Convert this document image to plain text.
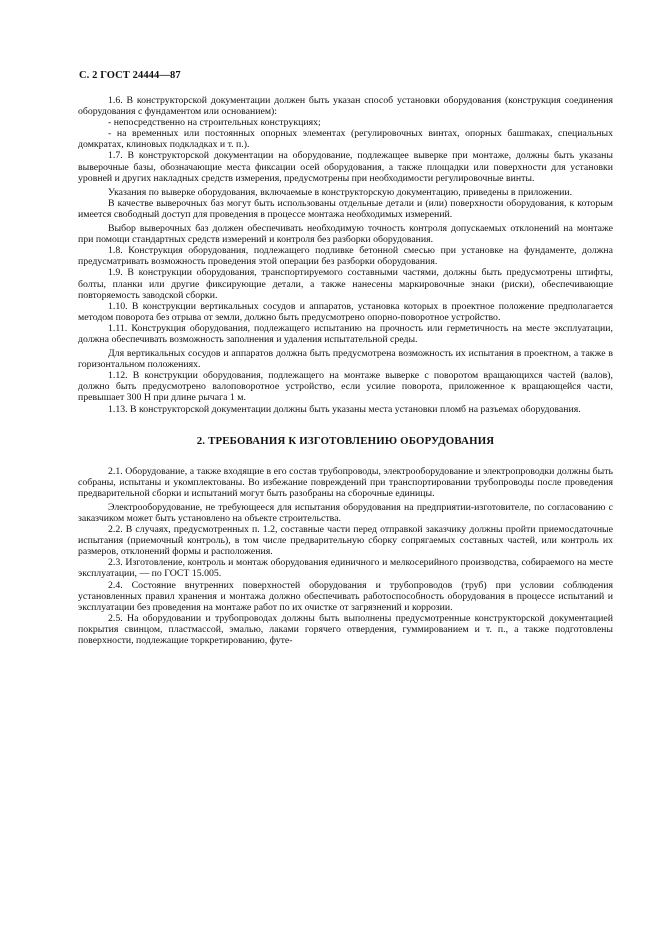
С. 2 ГОСТ 24444—87

1.6. В конструкторской документации должен быть указан способ установки оборудования (конструкция соединения оборудования с фундаментом или основанием):

- непосредственно на строительных конструкциях;

- на временных или постоянных опорных элементах (регулировочных винтах, опорных башmаках, специальных домкратах, клиновых подкладках и т. п.).

1.7. В конструкторской документации на оборудование, подлежащее выверке при монтаже, должны быть указаны выверочные базы, обозначающие места фиксации осей оборудования, а также площадки или поверхности для установки уровней и других накладных средств измерения, предусмотрены при необходимости регулировочные винты.

Указания по выверке оборудования, включаемые в конструкторскую документацию, приведены в приложении.

В качестве выверочных баз могут быть использованы отдельные детали и (или) поверхности оборудования, к которым имеется свободный доступ для проведения в процессе монтажа необходимых измерений.

Выбор выверочных баз должен обеспечивать необходимую точность контроля допускаемых отклонений на монтаже при помощи стандартных средств измерений и контроля без разборки оборудования.

1.8. Конструкция оборудования, подлежащего подливке бетонной смесью при установке на фундаменте, должна предусматривать возможность проведения этой операции без разборки оборудования.

1.9. В конструкции оборудования, транспортируемого составными частями, должны быть предусмотрены штифты, болты, планки или другие фиксирующие детали, а также нанесены маркировочные знаки (риски), обеспечивающие повторяемость заводской сборки.

1.10. В конструкции вертикальных сосудов и аппаратов, установка которых в проектное положение предполагается методом поворота без отрыва от земли, должно быть предусмотрено опорно-поворотное устройство.

1.11. Конструкция оборудования, подлежащего испытанию на прочность или герметичность на месте эксплуатации, должна обеспечивать возможность заполнения и удаления испытательной среды.

Для вертикальных сосудов и аппаратов должна быть предусмотрена возможность их испытания в проектном, а также в горизонтальном положениях.

1.12. В конструкции оборудования, подлежащего на монтаже выверке с поворотом вращающихся частей (валов), должно быть предусмотрено валоповоротное устройство, если усилие поворота, приложенное к вращающейся части, превышает 300 Н при длине рычага 1 м.

1.13. В конструкторской документации должны быть указаны места установки пломб на разъемах оборудования.

2. ТРЕБОВАНИЯ К ИЗГОТОВЛЕНИЮ ОБОРУДОВАНИЯ

2.1. Оборудование, а также входящие в его состав трубопроводы, электрооборудование и электропроводки должны быть собраны, испытаны и укомплектованы. Во избежание повреждений при транспортировании трубопроводы после проведения предварительной сборки и испытаний могут быть разобраны на сборочные единицы.

Электрооборудование, не требующееся для испытания оборудования на предприятии-изготовителе, по согласованию с заказчиком может быть установлено на объекте строительства.

2.2. В случаях, предусмотренных п. 1.2, составные части перед отправкой заказчику должны пройти приемосдаточные испытания (приемочный контроль), в том числе предварительную сборку сопрягаемых составных частей, или контроль их размеров, отклонений формы и расположения.

2.3. Изготовление, контроль и монтаж оборудования единичного и мелкосерийного производства, собираемого на месте эксплуатации, — по ГОСТ 15.005.

2.4. Состояние внутренних поверхностей оборудования и трубопроводов (труб) при условии соблюдения установленных правил хранения и монтажа должно обеспечивать работоспособность оборудования в процессе испытаний и эксплуатации без проведения на монтаже работ по их очистке от загрязнений и коррозии.

2.5. На оборудовании и трубопроводах должны быть выполнены предусмотренные конструкторской документацией покрытия свинцом, пластмассой, эмалью, лаками горячего отвердения, гуммированием и т. п., а также подготовлены поверхности, подлежащие торкретированию, футе-
